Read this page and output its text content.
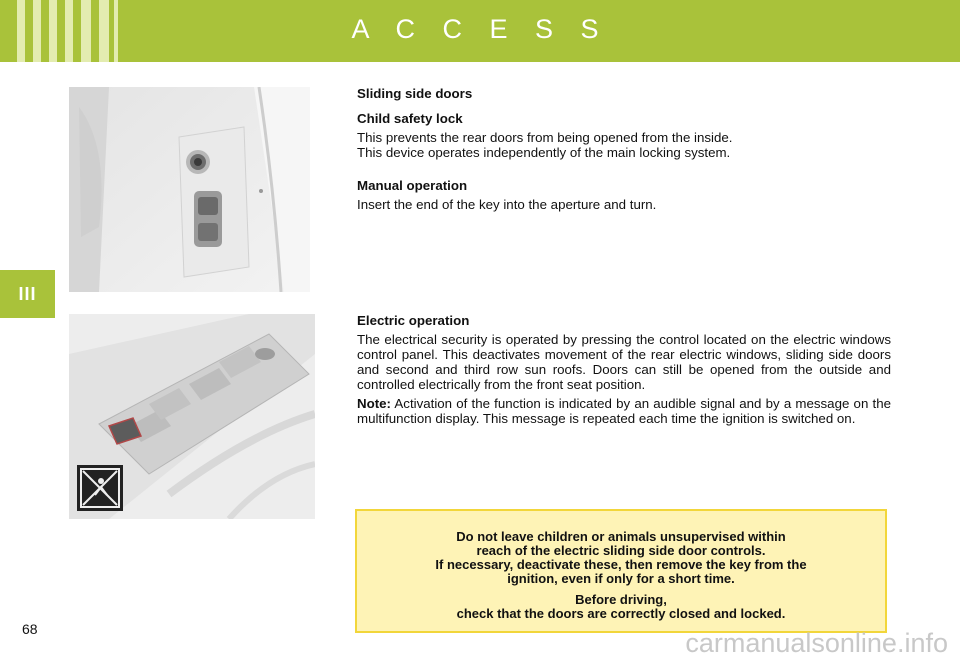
A C C E S S
III
Sliding side doors
Child safety lock

This prevents the rear doors from being opened from the inside.

This device operates independently of the main locking system.

Manual operation

Insert the end of the key into the aperture and turn.

Electric operation

The electrical security is operated by pressing the control located on the electric windows control panel. This deactivates movement of the rear electric windows, sliding side doors and second and third row sun roofs. Doors can still be opened from the outside and controlled electrically from the front seat position.

Note: Activation of the function is indicated by an audible signal and by a message on the multifunction display. This message is repeated each time the ignition is switched on.

Do not leave children or animals unsupervised within
reach of the electric sliding side door controls.
If necessary, deactivate these, then remove the key from the
ignition, even if only for a short time.
Before driving,
check that the doors are correctly closed and locked.
68	carmanualsonline.info
